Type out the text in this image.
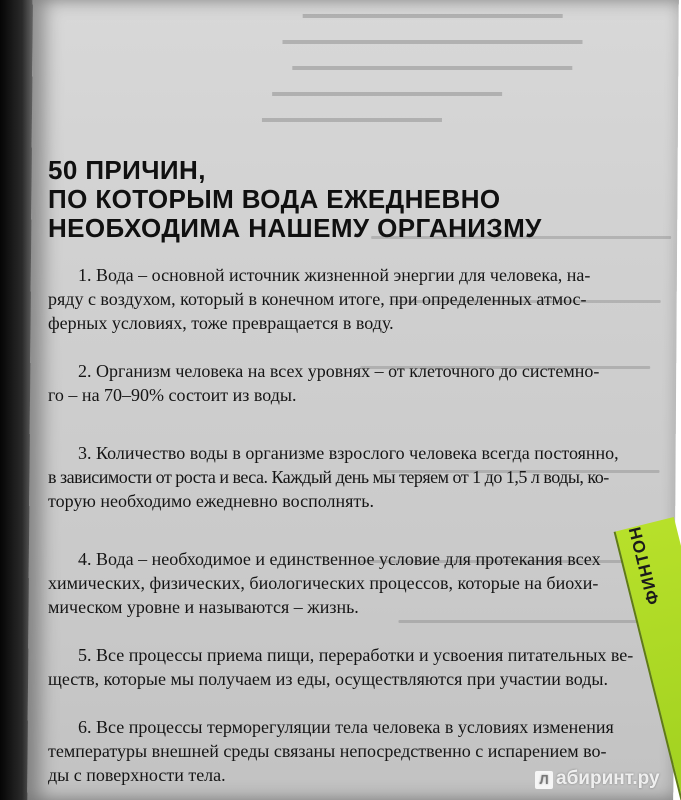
ФИНТОН
50 ПРИЧИН,
ПО КОТОРЫМ ВОДА ЕЖЕДНЕВНО
НЕОБХОДИМА НАШЕМУ ОРГАНИЗМУ
1. Вода – основной источник жизненной энергии для человека, на-
ряду с воздухом, который в конечном итоге, при определенных атмос-
ферных условиях, тоже превращается в воду.
2. Организм человека на всех уровнях – от клеточного до системно-
го – на 70–90% состоит из воды.
3. Количество воды в организме взрослого человека всегда постоянно,
в зависимости от роста и веса. Каждый день мы теряем от 1 до 1,5 л воды, ко-
торую необходимо ежедневно восполнять.
4. Вода – необходимое и единственное условие для протекания всех
химических, физических, биологических процессов, которые на биохи-
мическом уровне и называются – жизнь.
5. Все процессы приема пищи, переработки и усвоения питательных ве-
ществ, которые мы получаем из еды, осуществляются при участии воды.
6. Все процессы терморегуляции тела человека в условиях изменения
температуры внешней среды связаны непосредственно с испарением во-
ды с поверхности тела.	Л абиринт.ру
